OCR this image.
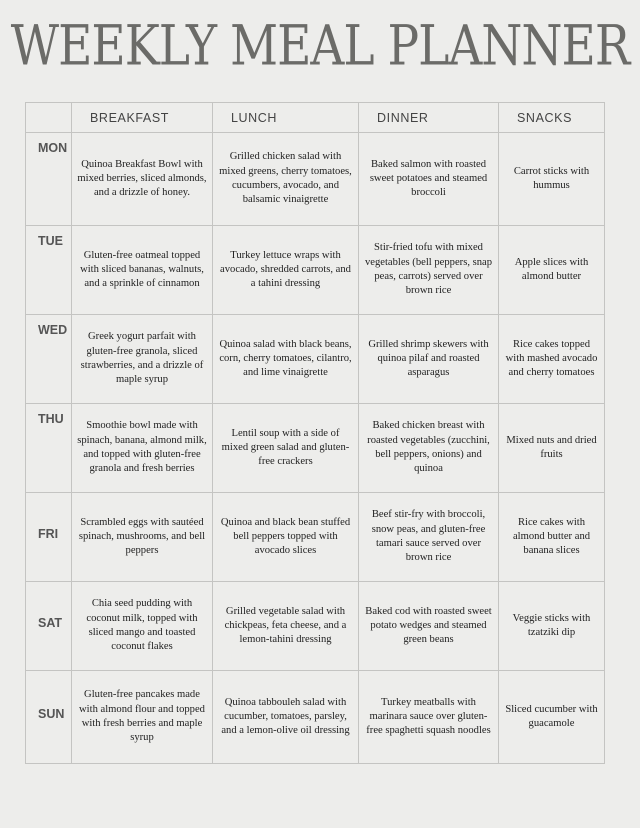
WEEKLY MEAL PLANNER

	BREAKFAST	LUNCH	DINNER	SNACKS

MON	Quinoa Breakfast Bowl with mixed berries, sliced almonds, and a drizzle of honey.	Grilled chicken salad with mixed greens, cherry tomatoes, cucumbers, avocado, and balsamic vinaigrette	Baked salmon with roasted sweet potatoes and steamed broccoli	Carrot sticks with hummus

TUE	Gluten-free oatmeal topped with sliced bananas, walnuts, and a sprinkle of cinnamon	Turkey lettuce wraps with avocado, shredded carrots, and a tahini dressing	Stir-fried tofu with mixed vegetables (bell peppers, snap peas, carrots) served over brown rice	Apple slices with almond butter

WED	Greek yogurt parfait with gluten-free granola, sliced strawberries, and a drizzle of maple syrup	Quinoa salad with black beans, corn, cherry tomatoes, cilantro, and lime vinaigrette	Grilled shrimp skewers with quinoa pilaf and roasted asparagus	Rice cakes topped with mashed avocado and cherry tomatoes

THU	Smoothie bowl made with spinach, banana, almond milk, and topped with gluten-free granola and fresh berries	Lentil soup with a side of mixed green salad and gluten-free crackers	Baked chicken breast with roasted vegetables (zucchini, bell peppers, onions) and quinoa	Mixed nuts and dried fruits

FRI	Scrambled eggs with sautéed spinach, mushrooms, and bell peppers	Quinoa and black bean stuffed bell peppers topped with avocado slices	Beef stir-fry with broccoli, snow peas, and gluten-free tamari sauce served over brown rice	Rice cakes with almond butter and banana slices

SAT	Chia seed pudding with coconut milk, topped with sliced mango and toasted coconut flakes	Grilled vegetable salad with chickpeas, feta cheese, and a lemon-tahini dressing	Baked cod with roasted sweet potato wedges and steamed green beans	Veggie sticks with tzatziki dip

SUN	Gluten-free pancakes made with almond flour and topped with fresh berries and maple syrup	Quinoa tabbouleh salad with cucumber, tomatoes, parsley, and a lemon-olive oil dressing	Turkey meatballs with marinara sauce over gluten-free spaghetti squash noodles	Sliced cucumber with guacamole
